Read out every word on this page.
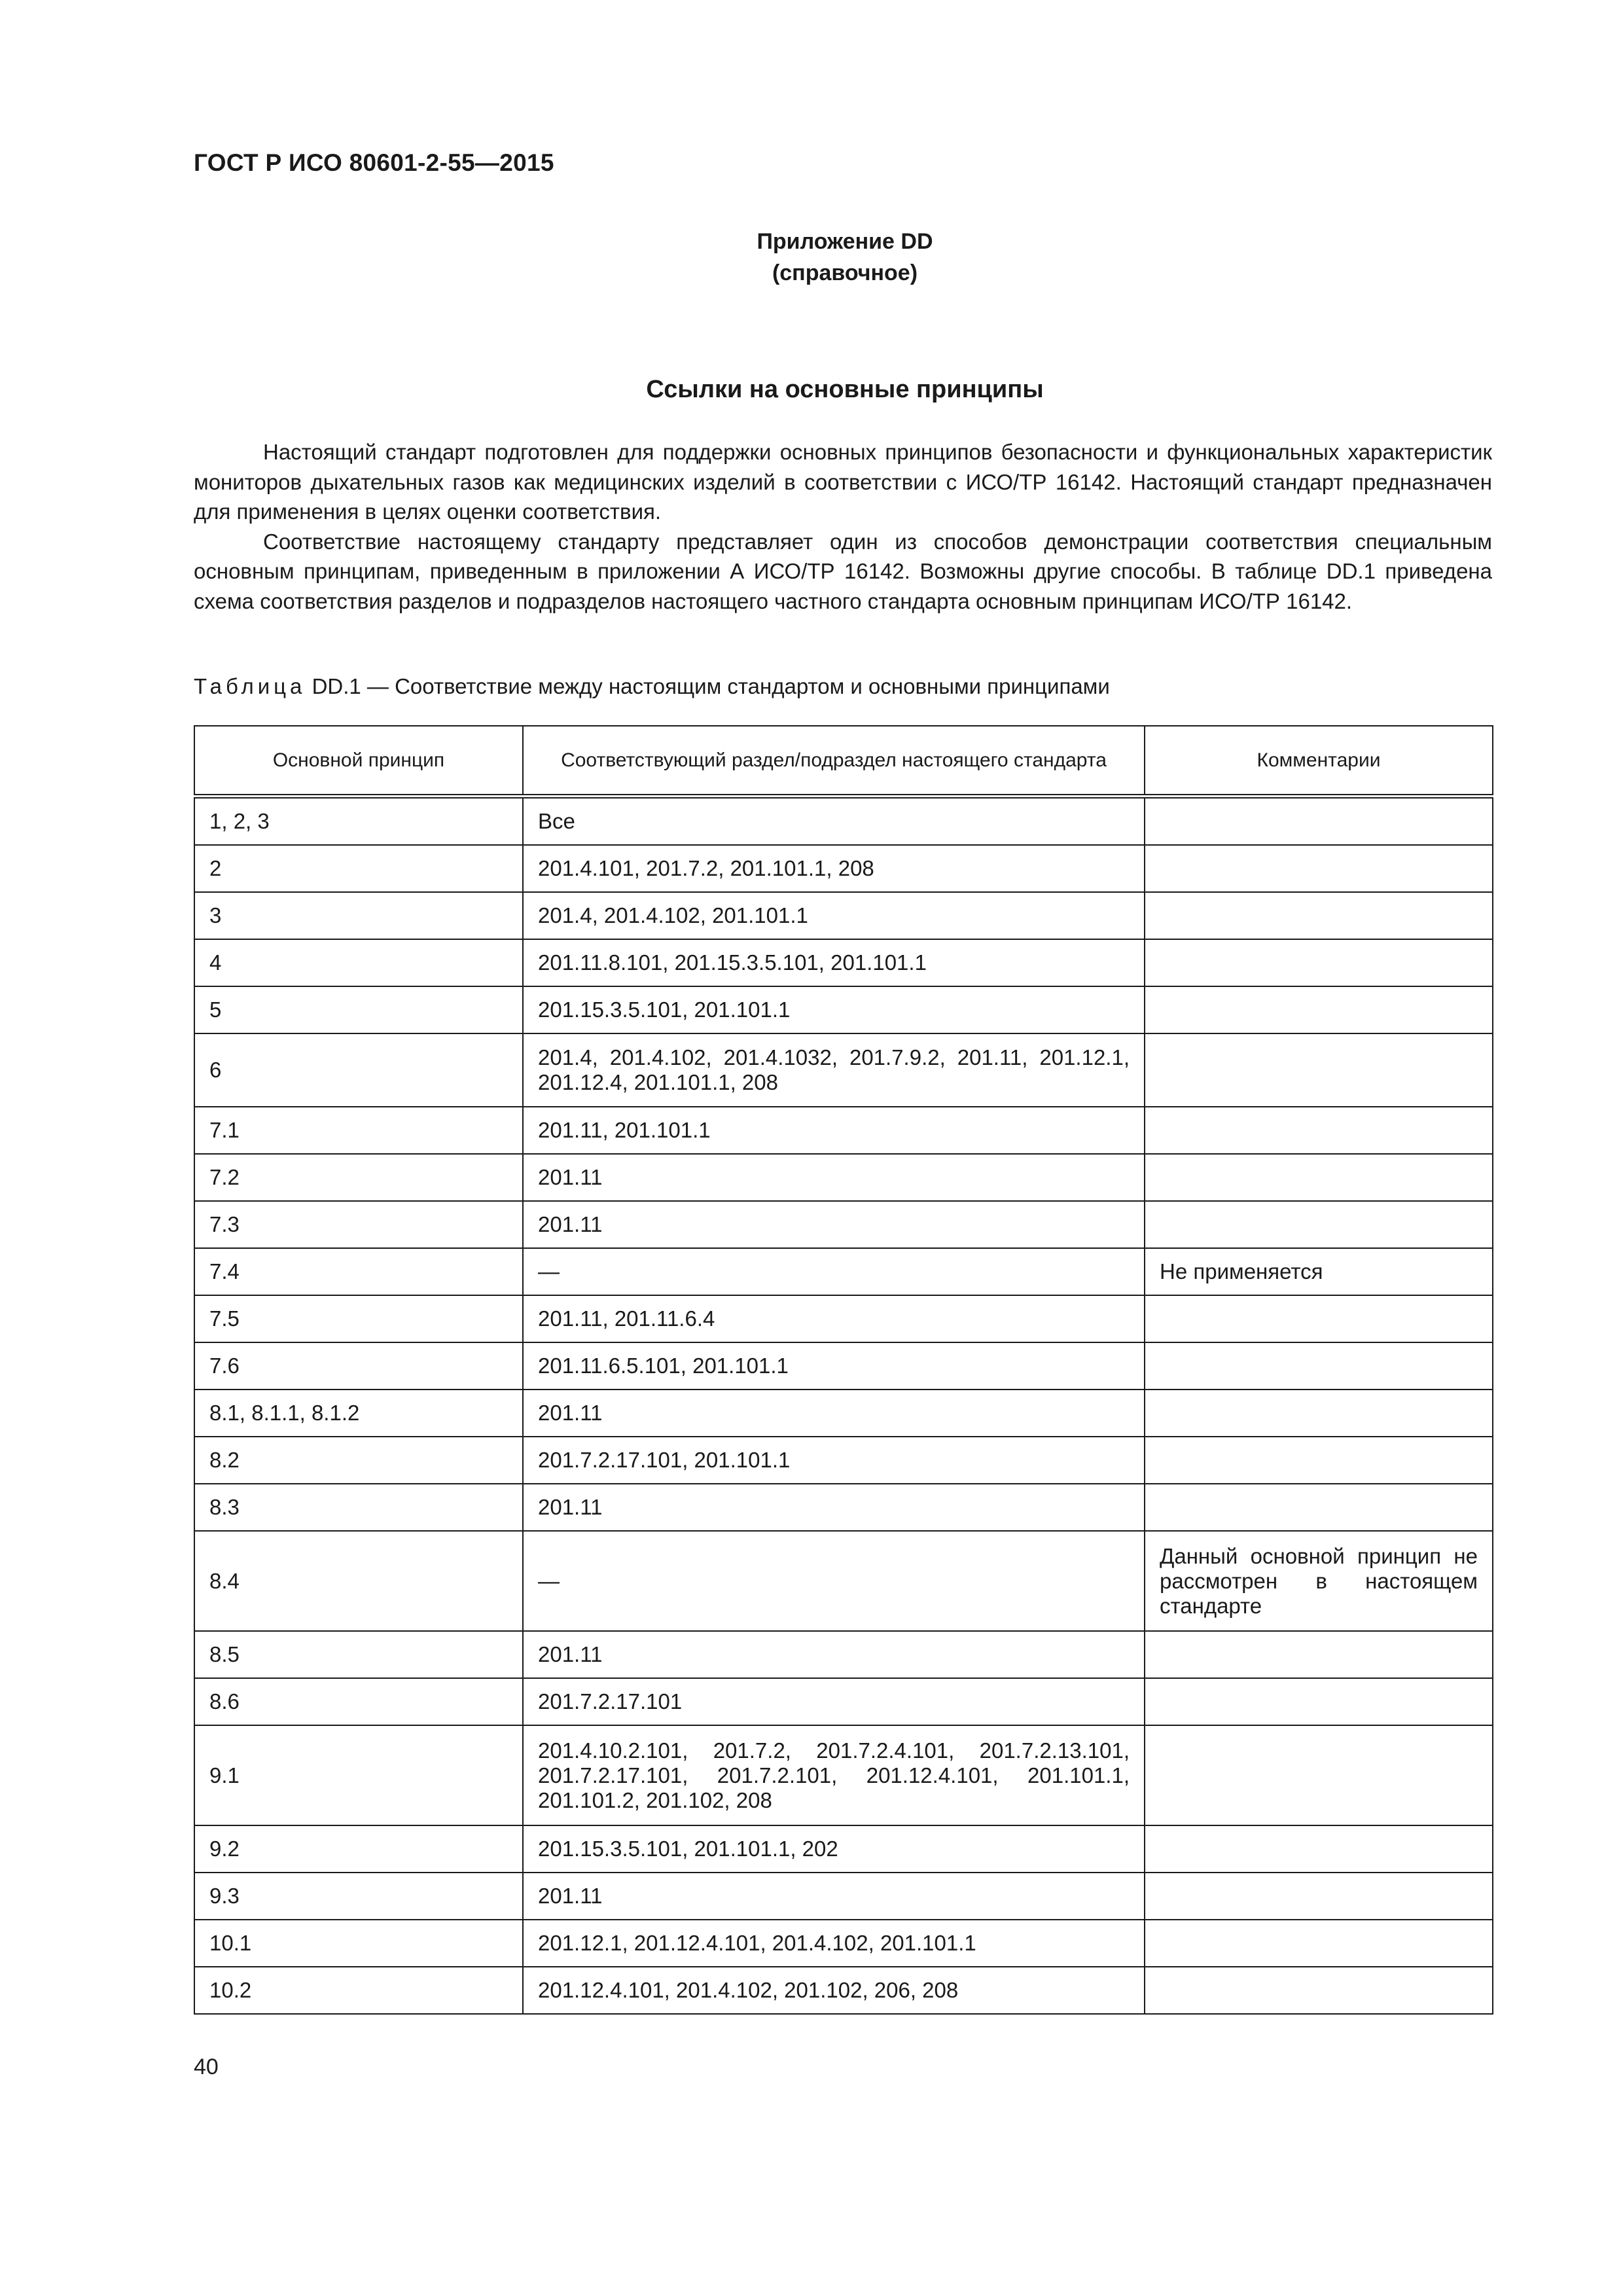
ГОСТ Р ИСО 80601-2-55—2015
Приложение DD
(справочное)
Ссылки на основные принципы

Настоящий стандарт подготовлен для поддержки основных принципов безопасности и функциональных характеристик мониторов дыхательных газов как медицинских изделий в соответствии с ИСО/ТР 16142. Настоящий стандарт предназначен для применения в целях оценки соответствия.

Соответствие настоящему стандарту представляет один из способов демонстрации соответствия специальным основным принципам, приведенным в приложении А ИСО/ТР 16142. Возможны другие способы. В таблице DD.1 приведена схема соответствия разделов и подразделов настоящего частного стандарта основным принципам ИСО/ТР 16142.

Таблица DD.1 — Соответствие между настоящим стандартом и основными принципами
Основной принцип	Соответствующий раздел/подраздел настоящего стандарта	Комментарии
1, 2, 3	Все	
2	201.4.101, 201.7.2, 201.101.1, 208	
3	201.4, 201.4.102, 201.101.1	
4	201.11.8.101, 201.15.3.5.101, 201.101.1	
5	201.15.3.5.101, 201.101.1	
6	201.4, 201.4.102, 201.4.1032, 201.7.9.2, 201.11, 201.12.1, 201.12.4, 201.101.1, 208	
7.1	201.11, 201.101.1	
7.2	201.11	
7.3	201.11	
7.4	—	Не применяется
7.5	201.11, 201.11.6.4	
7.6	201.11.6.5.101, 201.101.1	
8.1, 8.1.1, 8.1.2	201.11	
8.2	201.7.2.17.101, 201.101.1	
8.3	201.11	
8.4	—	Данный основной принцип не рассмотрен в настоящем стандарте
8.5	201.11	
8.6	201.7.2.17.101	
9.1	201.4.10.2.101, 201.7.2, 201.7.2.4.101, 201.7.2.13.101, 201.7.2.17.101, 201.7.2.101, 201.12.4.101, 201.101.1, 201.101.2, 201.102, 208	
9.2	201.15.3.5.101, 201.101.1, 202	
9.3	201.11	
10.1	201.12.1, 201.12.4.101, 201.4.102, 201.101.1	
10.2	201.12.4.101, 201.4.102, 201.102, 206, 208	
40
